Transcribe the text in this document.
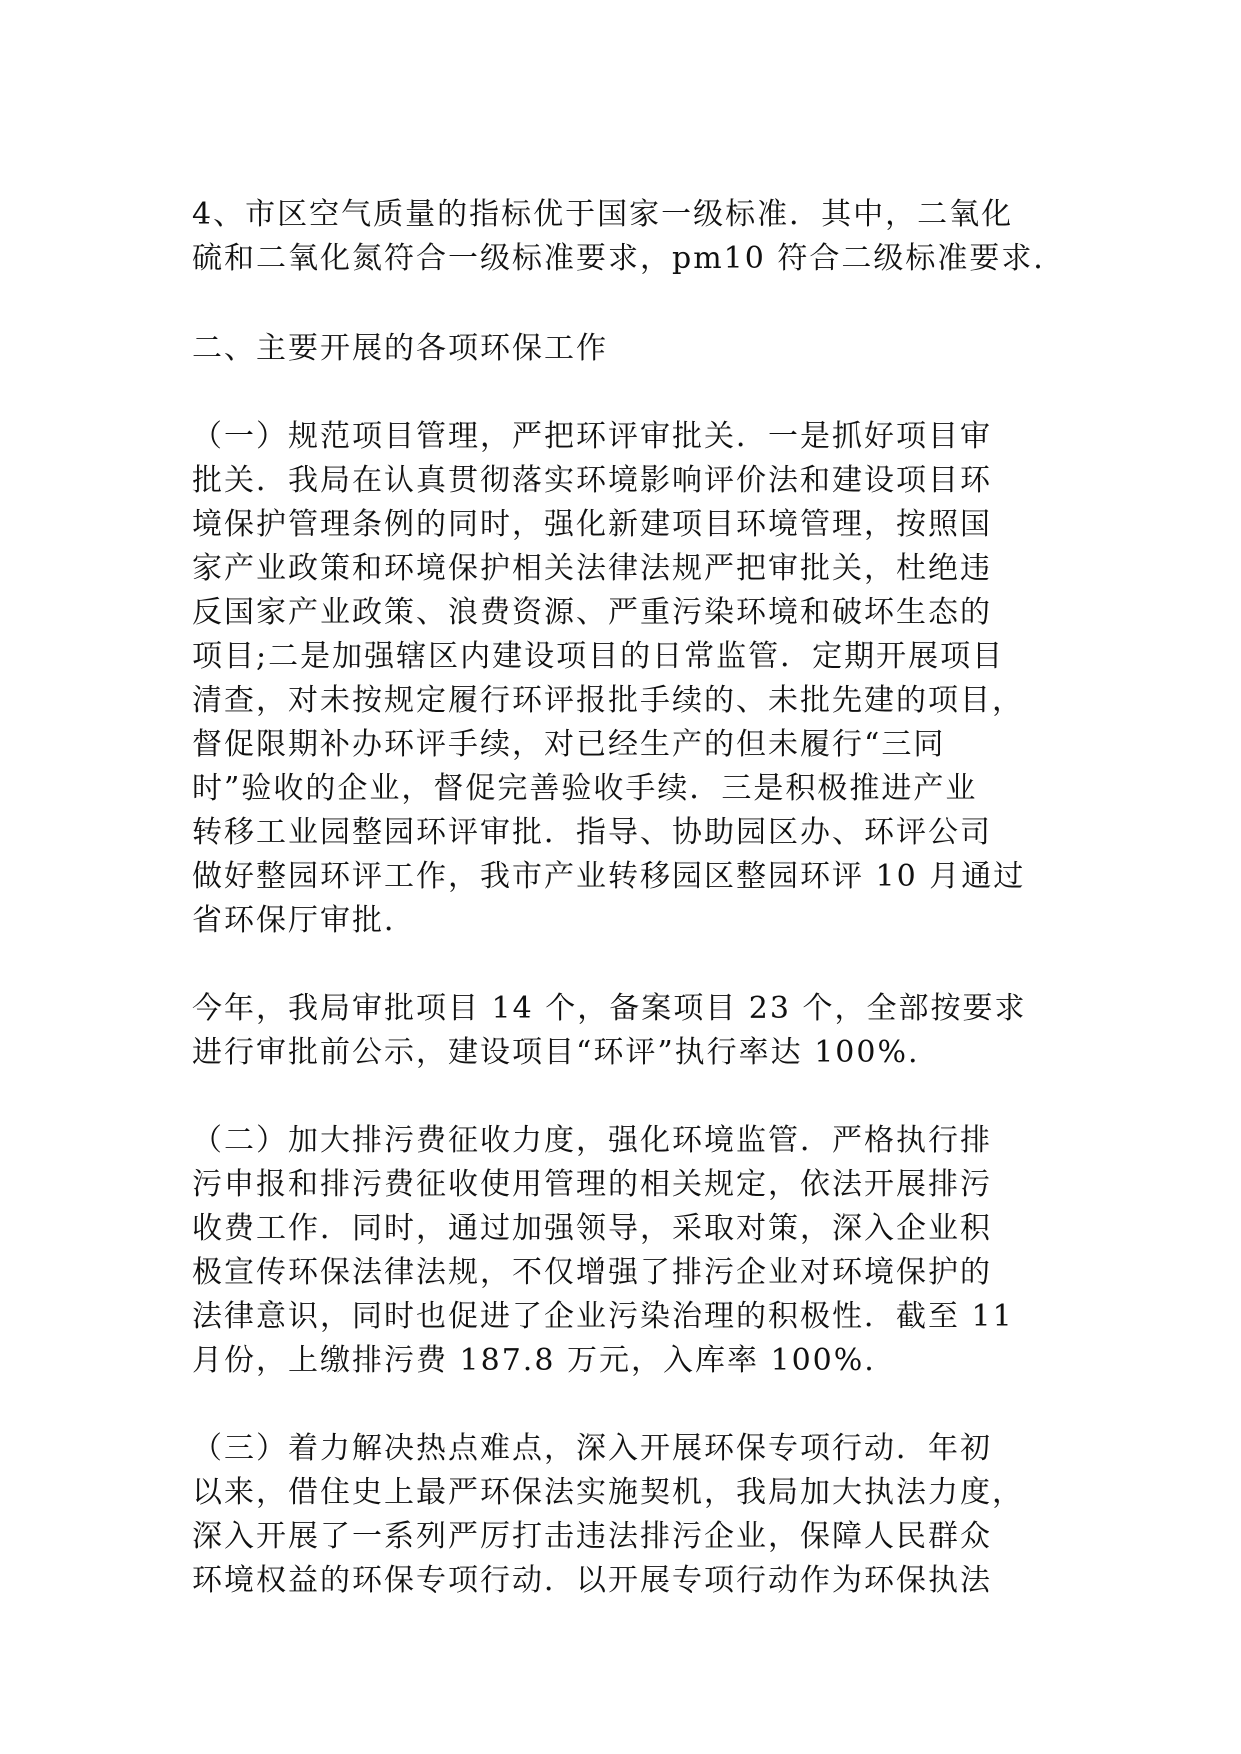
4、市区空气质量的指标优于国家一级标准．其中，二氧化
硫和二氧化氮符合一级标准要求，pm10 符合二级标准要求．

二、主要开展的各项环保工作

（一）规范项目管理，严把环评审批关．一是抓好项目审
批关．我局在认真贯彻落实环境影响评价法和建设项目环
境保护管理条例的同时，强化新建项目环境管理，按照国
家产业政策和环境保护相关法律法规严把审批关，杜绝违
反国家产业政策、浪费资源、严重污染环境和破坏生态的
项目;二是加强辖区内建设项目的日常监管．定期开展项目
清查，对未按规定履行环评报批手续的、未批先建的项目，
督促限期补办环评手续，对已经生产的但未履行“三同
时”验收的企业，督促完善验收手续．三是积极推进产业
转移工业园整园环评审批．指导、协助园区办、环评公司
做好整园环评工作，我市产业转移园区整园环评 10 月通过
省环保厅审批．

今年，我局审批项目 14 个，备案项目 23 个，全部按要求
进行审批前公示，建设项目“环评”执行率达 100%.

（二）加大排污费征收力度，强化环境监管．严格执行排
污申报和排污费征收使用管理的相关规定，依法开展排污
收费工作．同时，通过加强领导，采取对策，深入企业积
极宣传环保法律法规，不仅增强了排污企业对环境保护的
法律意识，同时也促进了企业污染治理的积极性．截至 11
月份，上缴排污费 187.8 万元，入库率 100%.

（三）着力解决热点难点，深入开展环保专项行动．年初
以来，借住史上最严环保法实施契机，我局加大执法力度，
深入开展了一系列严厉打击违法排污企业，保障人民群众
环境权益的环保专项行动．以开展专项行动作为环保执法
